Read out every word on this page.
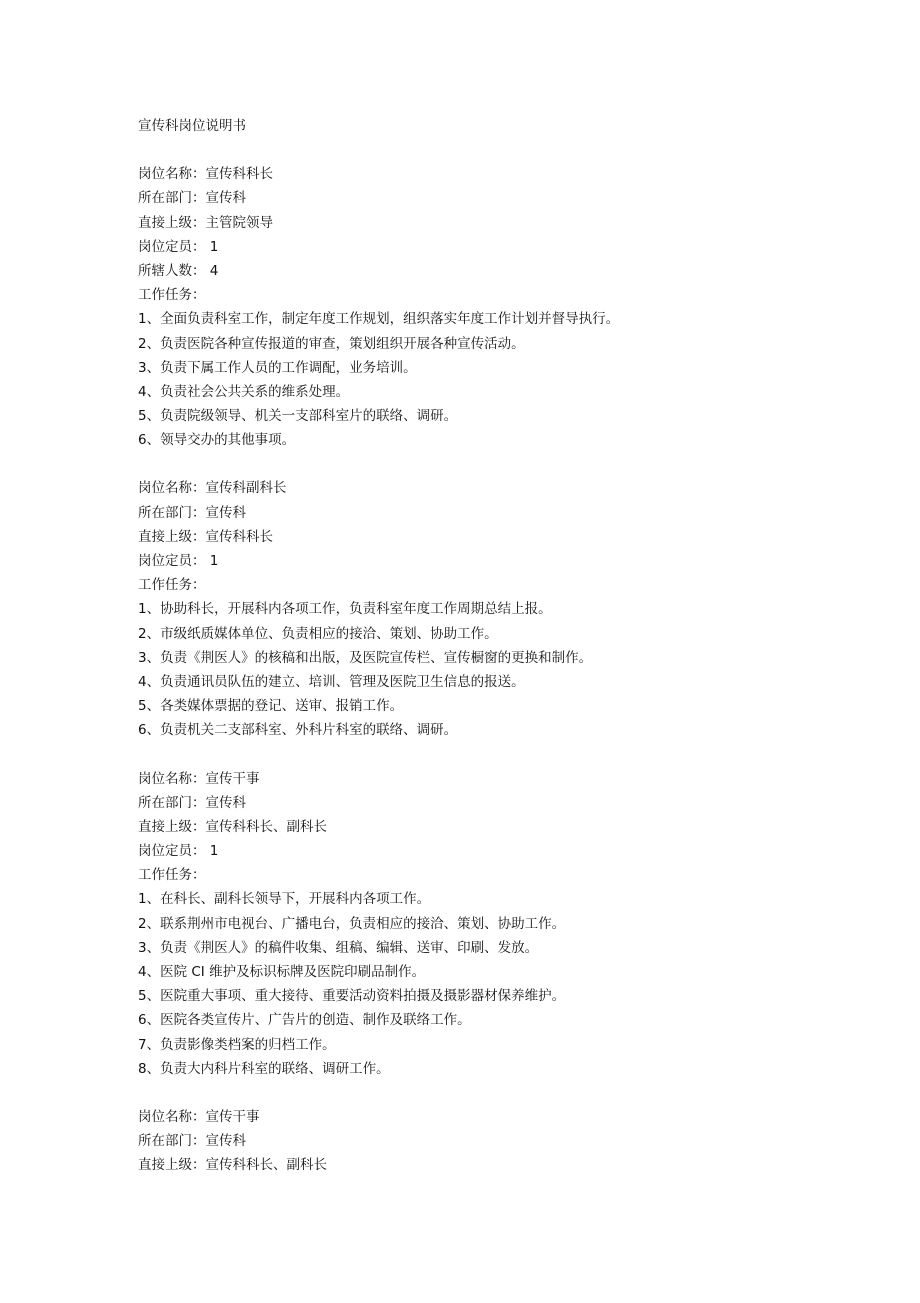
宣传科岗位说明书
岗位名称：宣传科科长
所在部门：宣传科
直接上级：主管院领导
岗位定员： 1
所辖人数： 4
工作任务：
1、全面负责科室工作，制定年度工作规划，组织落实年度工作计划并督导执行。
2、负责医院各种宣传报道的审查，策划组织开展各种宣传活动。
3、负责下属工作人员的工作调配，业务培训。
4、负责社会公共关系的维系处理。
5、负责院级领导、机关一支部科室片的联络、调研。
6、领导交办的其他事项。
岗位名称：宣传科副科长
所在部门：宣传科
直接上级：宣传科科长
岗位定员： 1
工作任务：
1、协助科长，开展科内各项工作，负责科室年度工作周期总结上报。
2、市级纸质媒体单位、负责相应的接洽、策划、协助工作。
3、负责《荆医人》的核稿和出版，及医院宣传栏、宣传橱窗的更换和制作。
4、负责通讯员队伍的建立、培训、管理及医院卫生信息的报送。
5、各类媒体票据的登记、送审、报销工作。
6、负责机关二支部科室、外科片科室的联络、调研。
岗位名称：宣传干事
所在部门：宣传科
直接上级：宣传科科长、副科长
岗位定员： 1
工作任务：
1、在科长、副科长领导下，开展科内各项工作。
2、联系荆州市电视台、广播电台，负责相应的接洽、策划、协助工作。
3、负责《荆医人》的稿件收集、组稿、编辑、送审、印刷、发放。
4、医院 CI 维护及标识标牌及医院印刷品制作。
5、医院重大事项、重大接待、重要活动资料拍摄及摄影器材保养维护。
6、医院各类宣传片、广告片的创造、制作及联络工作。
7、负责影像类档案的归档工作。
8、负责大内科片科室的联络、调研工作。
岗位名称：宣传干事
所在部门：宣传科
直接上级：宣传科科长、副科长
